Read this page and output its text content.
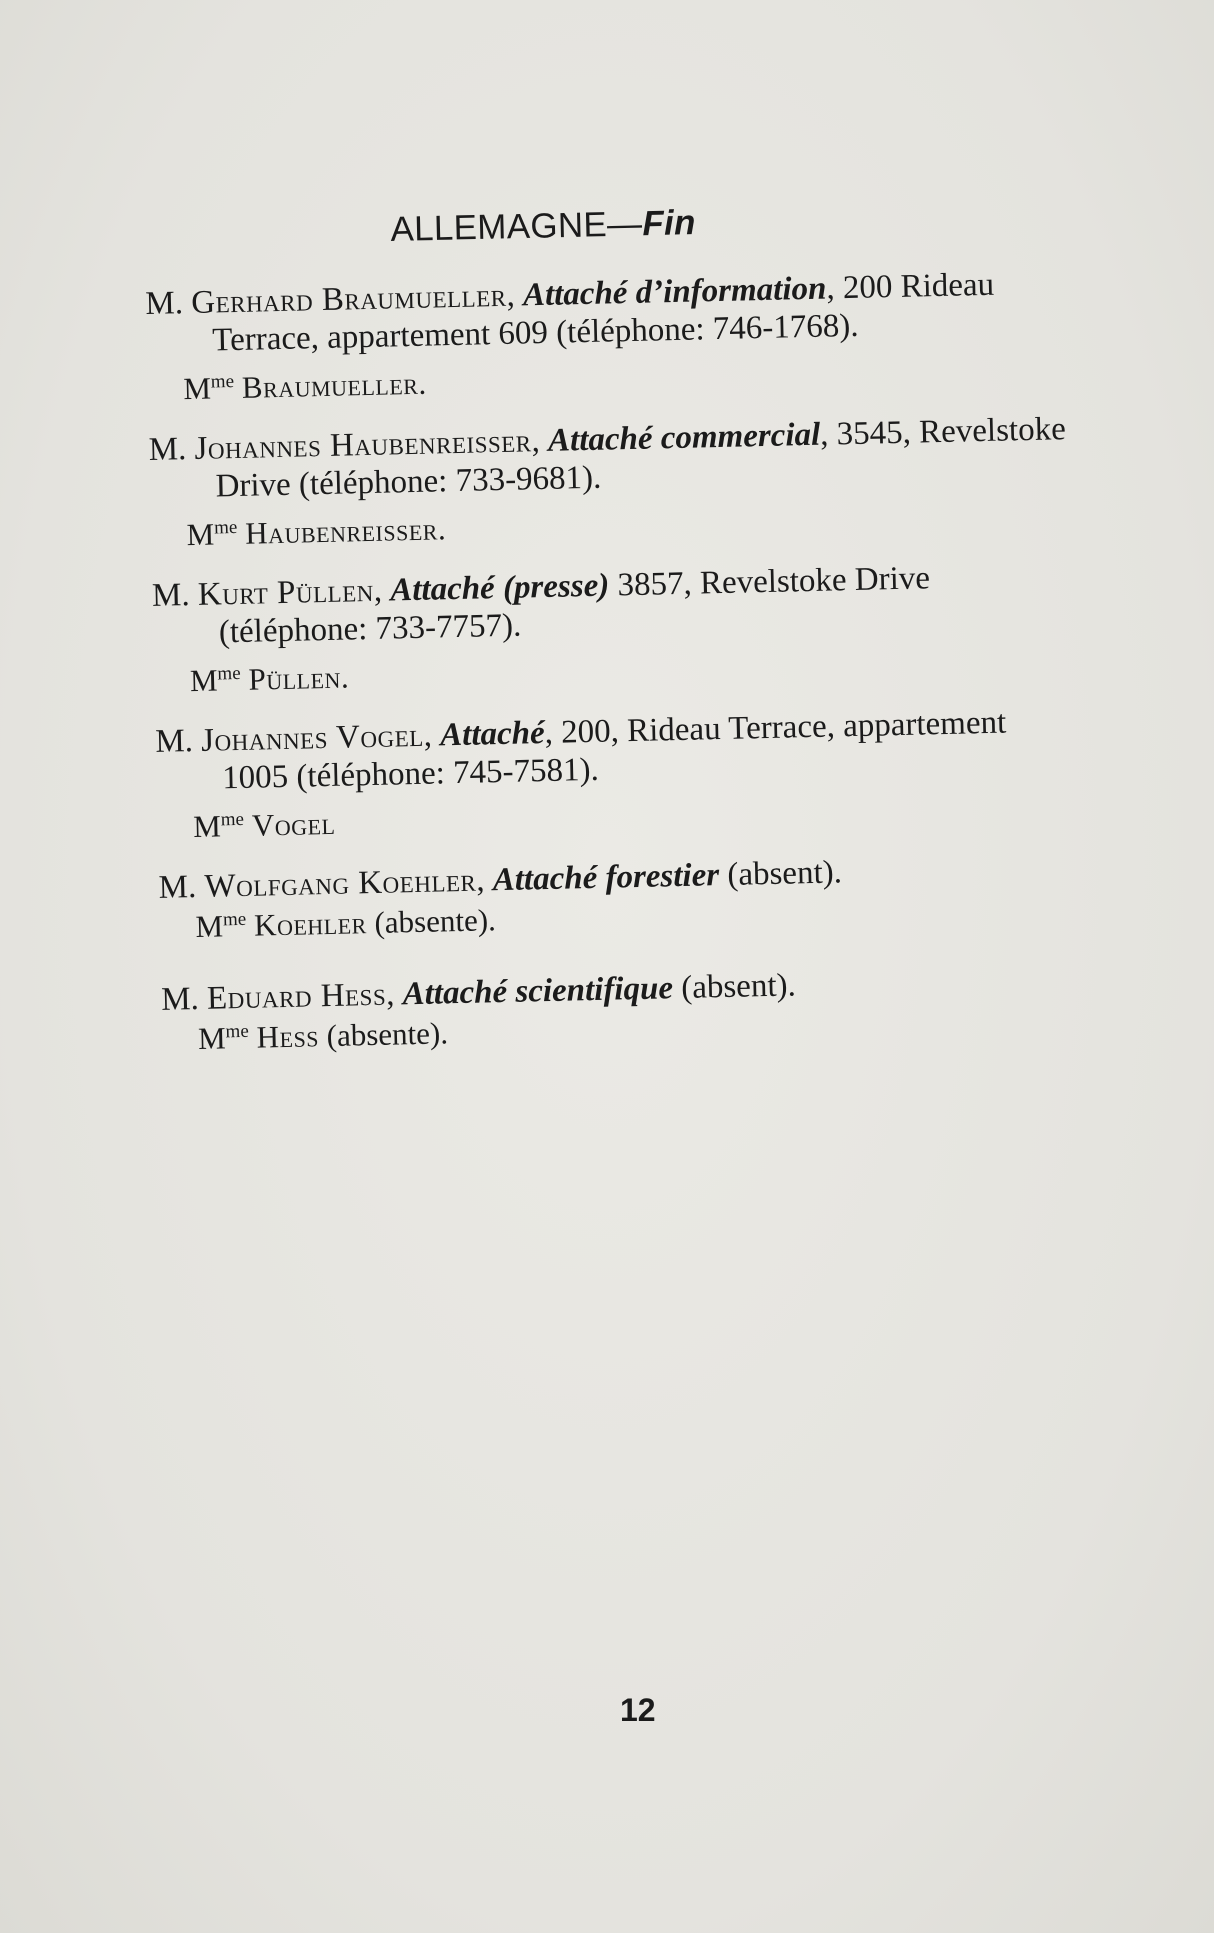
ALLEMAGNE—Fin
M. Gerhard Braumueller, Attaché d’information, 200 Rideau Terrace, appartement 609 (téléphone: 746-1768).
$M^{me}$ Braumueller.
M. Johannes Haubenreisser, Attaché commercial, 3545, Revelstoke Drive (téléphone: 733-9681).
$M^{me}$ Haubenreisser.
M. Kurt Püllen, Attaché (presse) 3857, Revelstoke Drive (téléphone: 733-7757).
$M^{me}$ Püllen.
M. Johannes Vogel, Attaché, 200, Rideau Terrace, appartement 1005 (téléphone: 745-7581).
$M^{me}$ Vogel
M. Wolfgang Koehler, Attaché forestier (absent).
$M^{me}$ Koehler (absente).
M. Eduard Hess, Attaché scientifique (absent).
$M^{me}$ Hess (absente).
12
